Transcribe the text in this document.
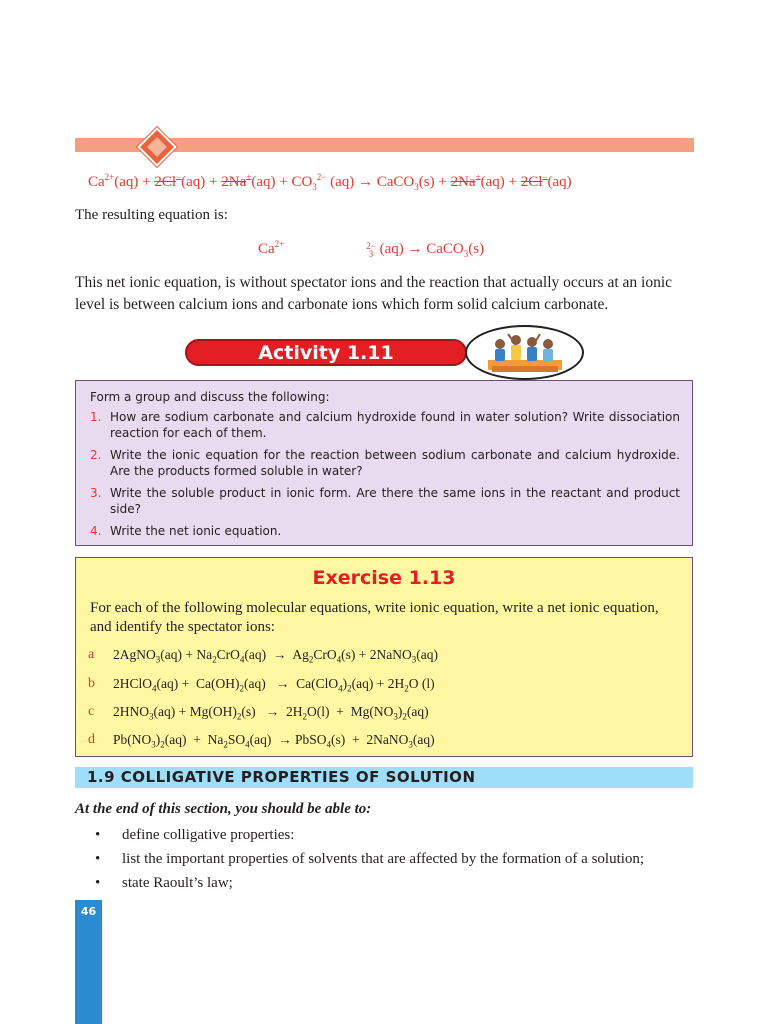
$Ca^{2+}(aq) + 2Cl^-(aq) + 2Na^+(aq) + CO_3^{2-}$ (aq) → CaCO$_3$(s) + 2Na+(aq) + 2Cl−(aq)
The resulting equation is:
$Ca^{2+}$	2−
3 (aq) → CaCO$_3$(s)
This net ionic equation, is without spectator ions and the reaction that actually occurs at an ionic level is between calcium ions and carbonate ions which form solid calcium carbonate.
Activity 1.11
Form a group and discuss the following:
1. How are sodium carbonate and calcium hydroxide found in water solution? Write dissociation reaction for each of them.
2. Write the ionic equation for the reaction between sodium carbonate and calcium hydroxide. Are the products formed soluble in water?
3. Write the soluble product in ionic form. Are there the same ions in the reactant and product side?
4. Write the net ionic equation.
Exercise 1.13
For each of the following molecular equations, write ionic equation, write a net ionic equation, and identify the spectator ions:
a 2AgNO$_3$(aq) + $Na_2CrO_4(aq) \to Ag_2CrO_4(s)$ + 2NaNO$_3$(aq)
b 2HClO$_4$(aq) +  $Ca(OH)_2(aq) \to Ca(ClO_4)_2(aq) + 2H_2O$ (l)
c $2HNO_3(aq) + Mg(OH)_2(s) \to 2H_2O(l) + Mg(NO_3)_2(aq)$
d $Pb(NO_3)_2(aq) + Na_2SO_4(aq)$  → PbSO$_4$(s)  +  2NaNO$_3$(aq)
1.9 COLLIGATIVE PROPERTIES OF SOLUTION
At the end of this section, you should be able to:
• define colligative properties:
• list the important properties of solvents that are affected by the formation of a solution;
• state Raoult’s law;
46
